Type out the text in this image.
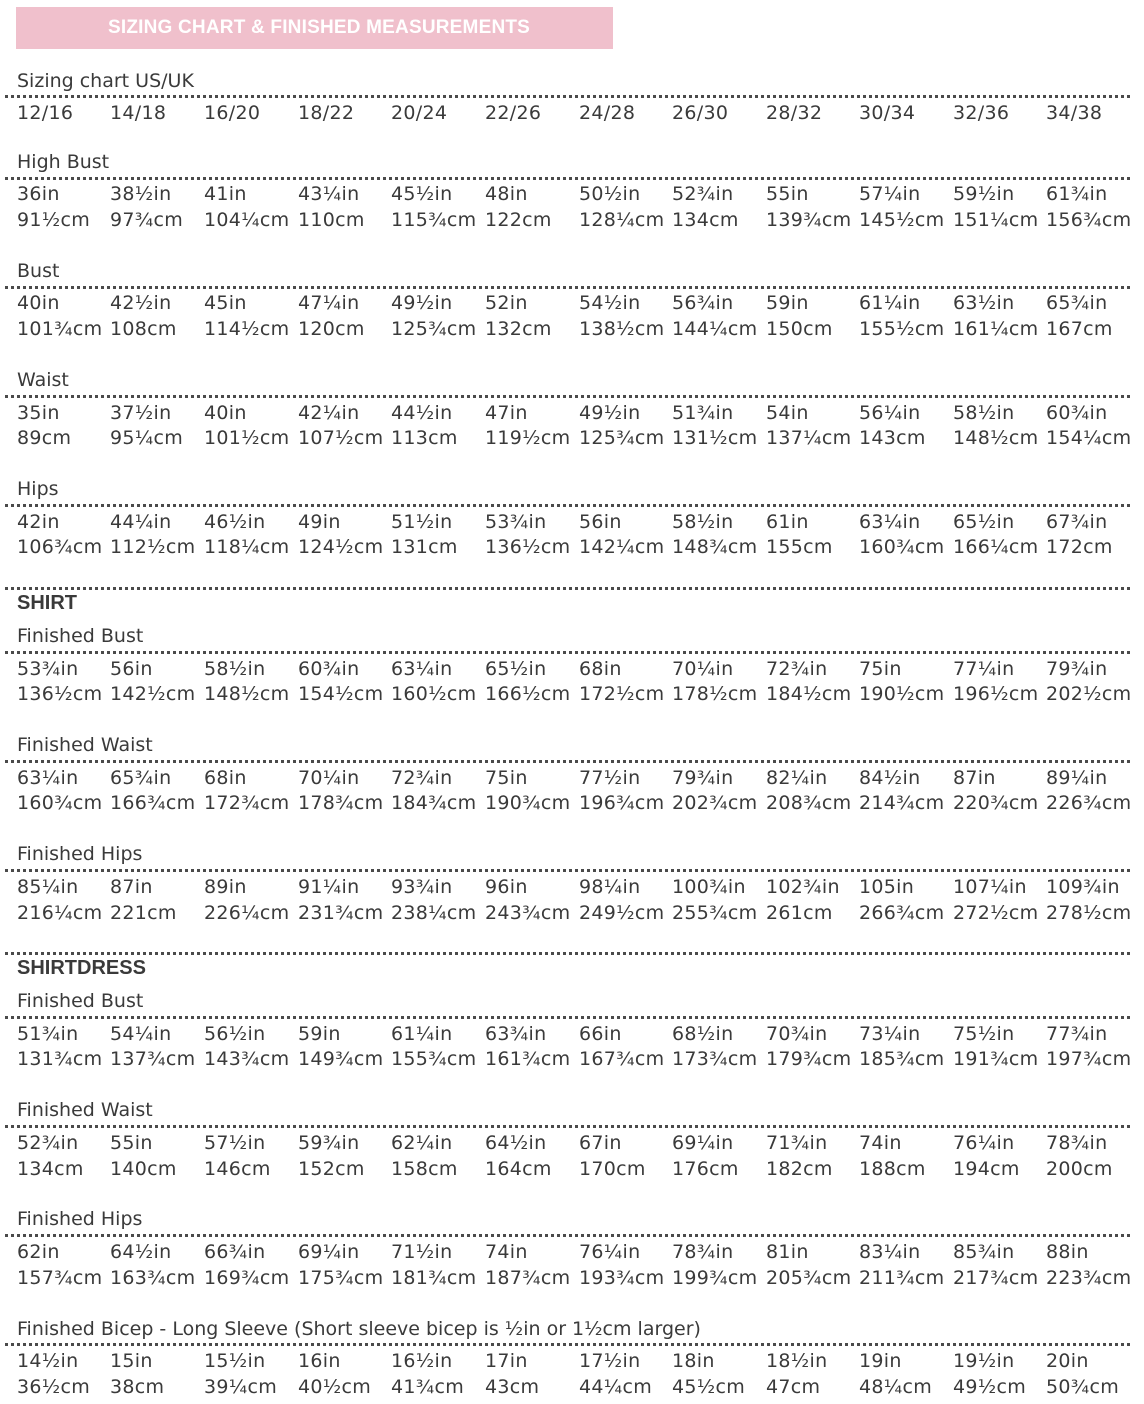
SIZING CHART & FINISHED MEASUREMENTS
Sizing chart US/UK
12/16 14/18 16/20 18/22 20/24 22/26 24/28 26/30 28/32 30/34 32/36 34/38
High Bust
36in	38½in 41in	43¼in 45½in 48in	50½in 52¾in 55in	57¼in 59½in 61¾in
91½cm 97¾cm 104¼cm 110cm 115¾cm 122cm 128¼cm 134cm 139¾cm 145½cm 151¼cm 156¾cm
Bust
40in	42½in 45in	47¼in 49½in 52in	54½in 56¾in 59in	61¼in 63½in 65¾in
101¾cm 108cm 114½cm 120cm 125¾cm 132cm 138½cm 144¼cm 150cm 155½cm 161¼cm 167cm
Waist
35in	37½in 40in	42¼in 44½in 47in	49½in 51¾in 54in	56¼in 58½in 60¾in
89cm 95¼cm 101½cm 107½cm 113cm 119½cm 125¾cm 131½cm 137¼cm 143cm 148½cm 154¼cm
Hips
42in	44¼in 46½in 49in	51½in 53¾in 56in	58½in 61in	63¼in 65½in 67¾in
106¾cm 112½cm 118¼cm 124½cm 131cm 136½cm 142¼cm 148¾cm 155cm 160¾cm 166¼cm 172cm
SHIRT
Finished Bust
53¾in 56in	58½in 60¾in 63¼in 65½in 68in	70¼in 72¾in 75in	77¼in 79¾in
136½cm 142½cm 148½cm 154½cm 160½cm 166½cm 172½cm 178½cm 184½cm 190½cm 196½cm 202½cm
Finished Waist
63¼in 65¾in 68in	70¼in 72¾in 75in	77½in 79¾in 82¼in 84½in 87in	89¼in
160¾cm 166¾cm 172¾cm 178¾cm 184¾cm 190¾cm 196¾cm 202¾cm 208¾cm 214¾cm 220¾cm 226¾cm
Finished Hips
85¼in 87in	89in	91¼in 93¾in 96in	98¼in 100¾in 102¾in 105in 107¼in 109¾in
216¼cm 221cm 226¼cm 231¾cm 238¼cm 243¾cm 249½cm 255¾cm 261cm 266¾cm 272½cm 278½cm
SHIRTDRESS
Finished Bust
51¾in 54¼in 56½in 59in	61¼in 63¾in 66in	68½in 70¾in 73¼in 75½in 77¾in
131¾cm 137¾cm 143¾cm 149¾cm 155¾cm 161¾cm 167¾cm 173¾cm 179¾cm 185¾cm 191¾cm 197¾cm
Finished Waist
52¾in 55in	57½in 59¾in 62¼in 64½in 67in	69¼in 71¾in 74in	76¼in 78¾in
134cm 140cm 146cm 152cm 158cm 164cm 170cm 176cm 182cm 188cm 194cm 200cm
Finished Hips
62in	64½in 66¾in 69¼in 71½in 74in	76¼in 78¾in 81in	83¼in 85¾in 88in
157¾cm 163¾cm 169¾cm 175¾cm 181¾cm 187¾cm 193¾cm 199¾cm 205¾cm 211¾cm 217¾cm 223¾cm
Finished Bicep - Long Sleeve (Short sleeve bicep is ½in or 1½cm larger)
14½in 15in	15½in 16in	16½in 17in	17½in 18in	18½in 19in	19½in 20in
36½cm 38cm 39¼cm 40½cm 41¾cm 43cm 44¼cm 45½cm 47cm 48¼cm 49½cm 50¾cm
